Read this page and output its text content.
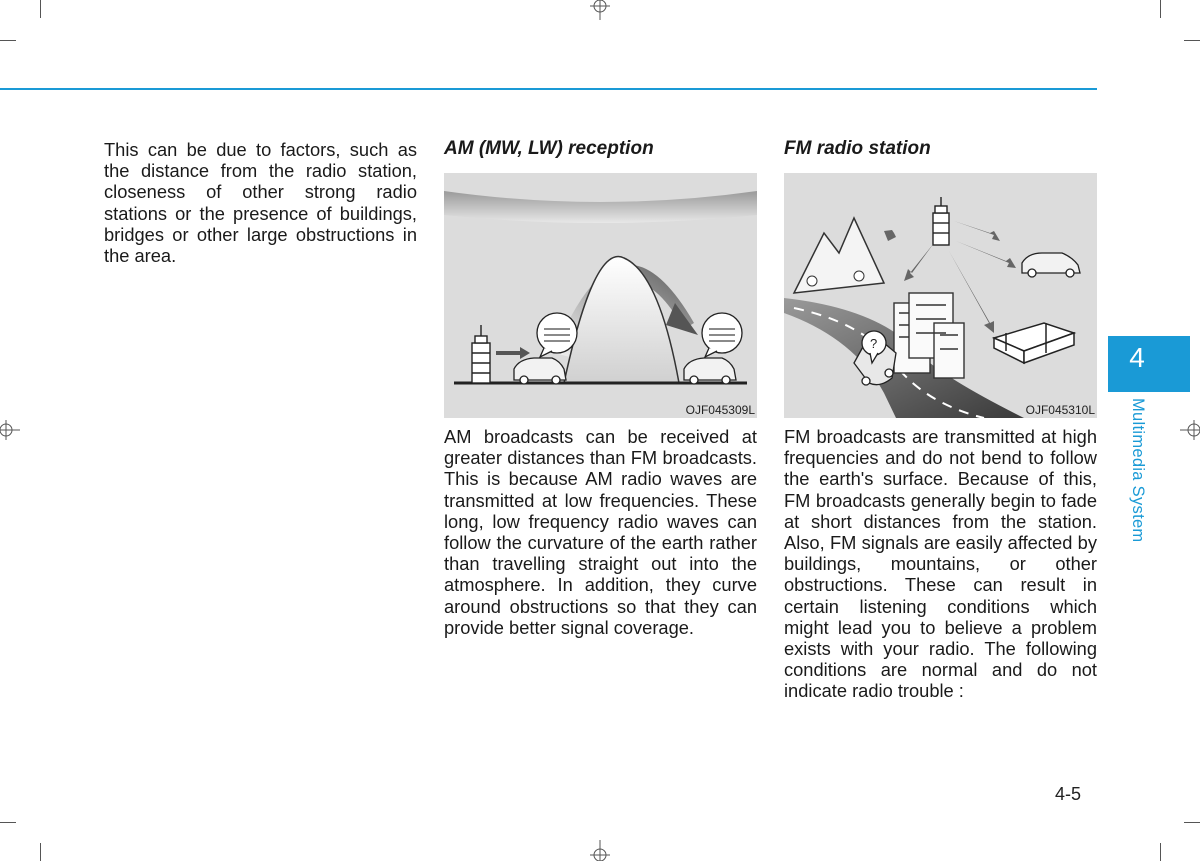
This can be due to factors, such as the distance from the radio station, closeness of other strong radio stations or the presence of buildings, bridges or other large obstructions in the area.

AM (MW, LW) reception
OJF045309L

AM broadcasts can be received at greater distances than FM broadcasts. This is because AM radio waves are transmitted at low frequencies. These long, low frequency radio waves can follow the curvature of the earth rather than travelling straight out into the atmosphere. In addition, they curve around obstructions so that they can provide better signal coverage.

FM radio station
?
OJF045310L

FM broadcasts are transmitted at high frequencies and do not bend to follow the earth's surface. Because of this, FM broadcasts generally begin to fade at short distances from the station. Also, FM signals are easily affected by buildings, mountains, or other obstructions. These can result in certain listening conditions which might lead you to believe a problem exists with your radio. The following conditions are normal and do not indicate radio trouble :

4
Multimedia System
4-5
